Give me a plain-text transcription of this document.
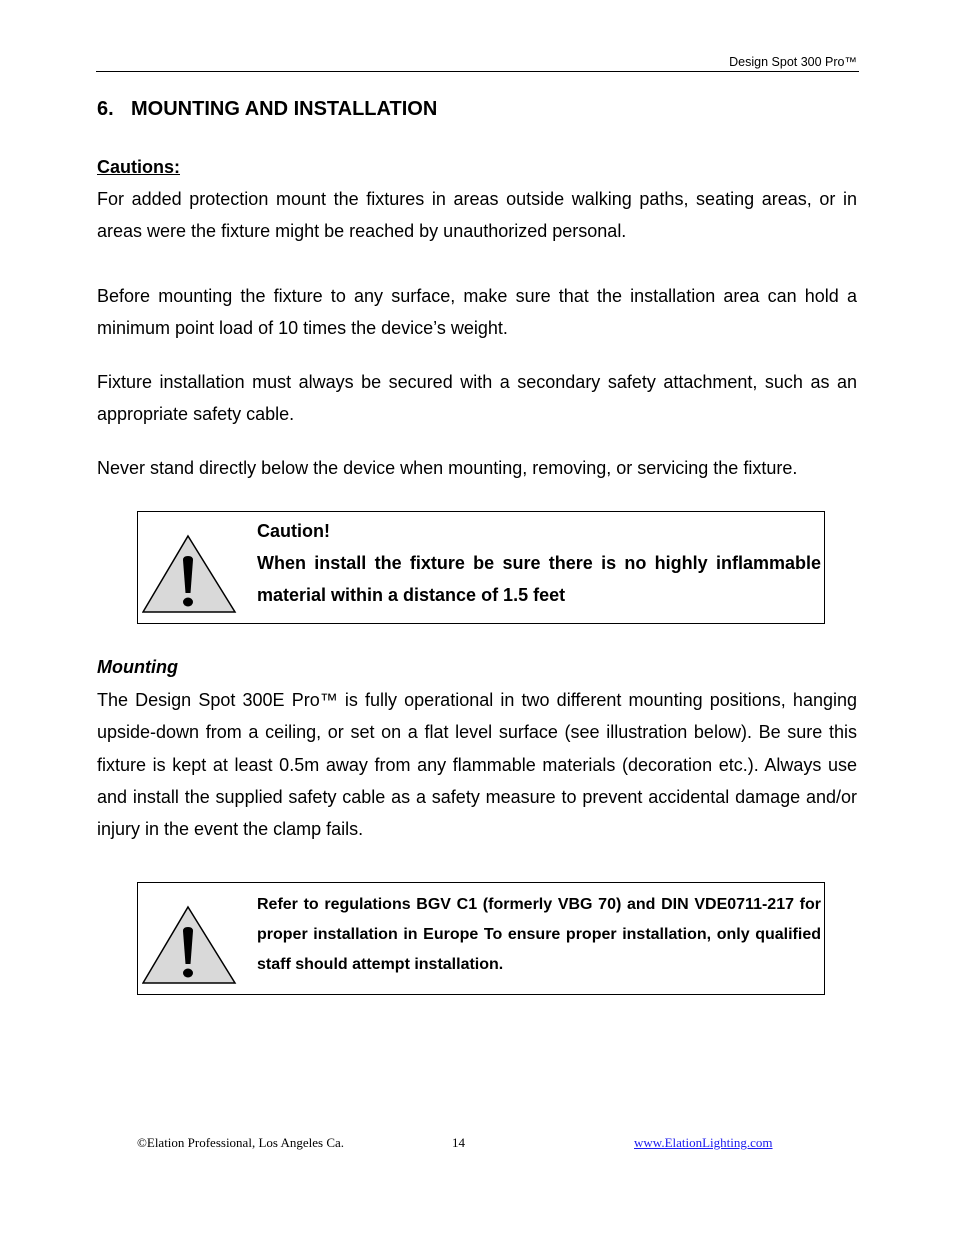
Design Spot 300 Pro™
6. MOUNTING AND INSTALLATION
Cautions:

For added protection mount the fixtures in areas outside walking paths, seating areas, or in areas were the fixture might be reached by unauthorized personal.

Before mounting the fixture to any surface, make sure that the installation area can hold a minimum point load of 10 times the device’s weight.

Fixture installation must always be secured with a secondary safety attachment, such as an appropriate safety cable.

Never stand directly below the device when mounting, removing, or servicing the fixture.

Caution!
When install the fixture be sure there is no highly inflammable material within a distance of 1.5 feet
Mounting

The Design Spot 300E Pro™ is fully operational in two different mounting positions, hanging upside-down from a ceiling, or set on a flat level surface (see illustration below). Be sure this fixture is kept at least 0.5m away from any flammable materials (decoration etc.). Always use and install the supplied safety cable as a safety measure to prevent accidental damage and/or injury in the event the clamp fails.

Refer to regulations BGV C1 (formerly VBG 70) and DIN VDE0711-217 for proper installation in Europe To ensure proper installation, only qualified staff should attempt installation.
©Elation Professional, Los Angeles Ca.	14	www.ElationLighting.com
